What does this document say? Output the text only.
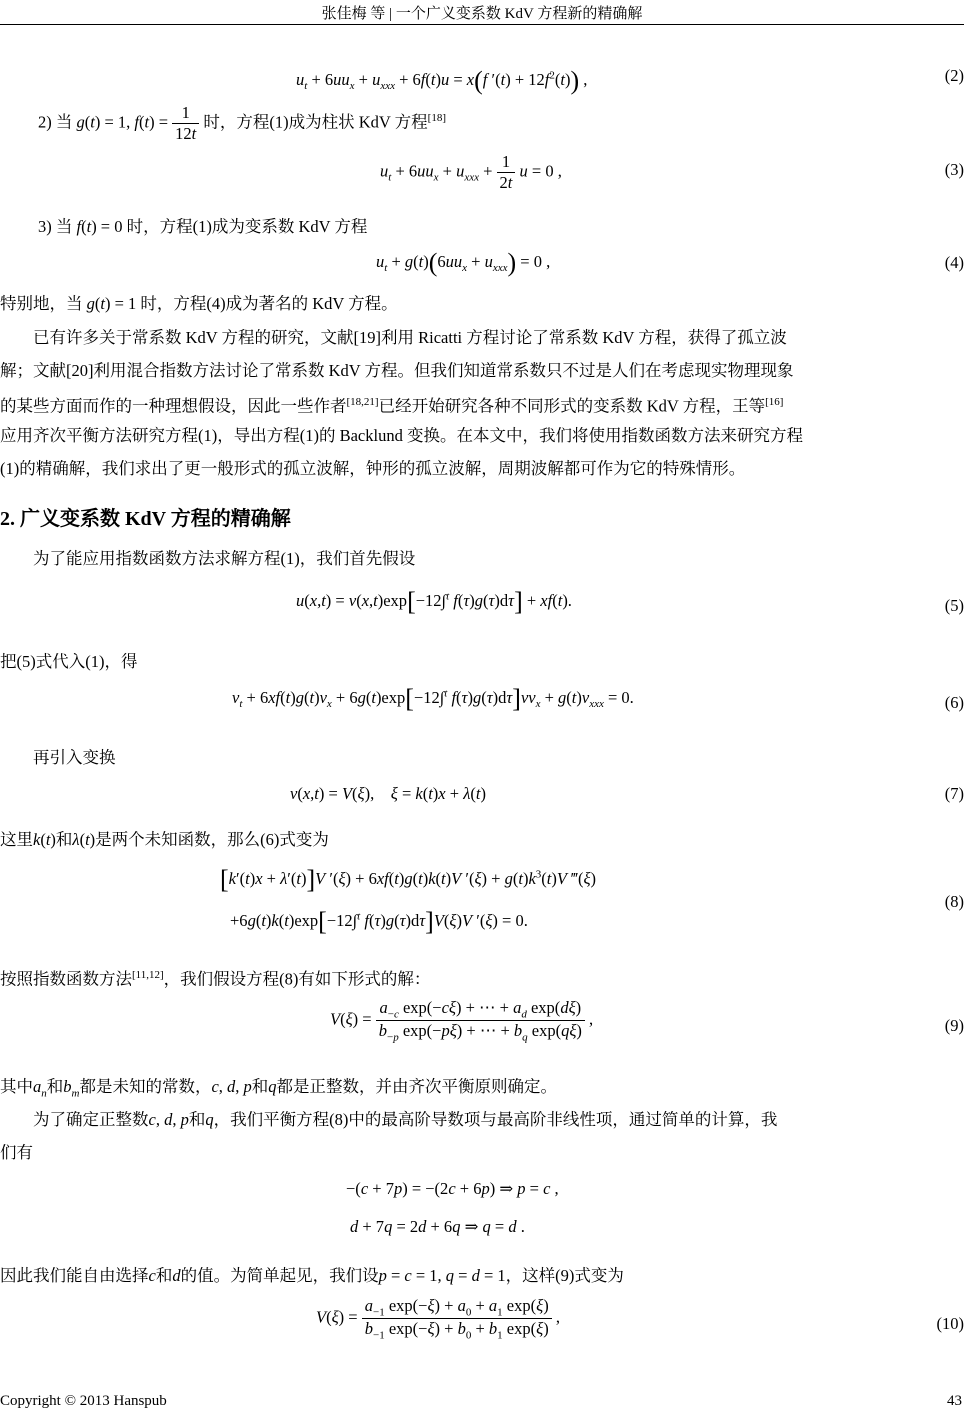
张佳梅 等 | 一个广义变系数 KdV 方程新的精确解
$u_t + 6uu_x + u_{xxx} + 6f(t)u = x(f$ $'(t) + 12f^2(t)$) ,	(2)
2) 当 g(t) = 1, $f(t) = \frac{1}{12t}$ 时，方程(1)成为柱状 KdV 方程[18]
$u_t + 6uu_x + u_{xxx} + \frac{1}{2t}$ u = 0 ,	(3)
3) 当 f(t) = 0 时，方程(1)成为变系数 KdV 方程
$u_t + g(t)(6uu_x + u_{xxx}) = 0$ ,	(4)
特别地，当 g(t) = 1 时，方程(4)成为著名的 KdV 方程。
已有许多关于常系数 KdV 方程的研究，文献[19]利用 Ricatti 方程讨论了常系数 KdV 方程，获得了孤立波
解；文献[20]利用混合指数方法讨论了常系数 KdV 方程。但我们知道常系数只不过是人们在考虑现实物理现象
的某些方面而作的一种理想假设，因此一些作者[18,21]已经开始研究各种不同形式的变系数 KdV 方程，王等[16]
应用齐次平衡方法研究方程(1)，导出方程(1)的 Backlund 变换。在本文中，我们将使用指数函数方法来研究方程
(1)的精确解，我们求出了更一般形式的孤立波解，钟形的孤立波解，周期波解都可作为它的特殊情形。
2. 广义变系数 KdV 方程的精确解
为了能应用指数函数方法求解方程(1)，我们首先假设
u(x,t) = v(x,t)exp[−12∫$^t$ f(τ)g(τ)dτ] + xf(t).	(5)
把(5)式代入(1)，得
$v_t + 6xf(t)g(t)v_x + 6g(t)\exp[-12\int^t$ $f(\tau)g(\tau)d\tau]vv_x + g(t)v_{xxx} = 0$.	(6)
再引入变换
v(x,t) = V(ξ),    ξ = k(t)x + λ(t)	(7)
这里k(t)和λ(t)是两个未知函数，那么(6)式变为
[k′(t)x + λ′(t)]V ′(ξ) + 6xf(t)g(t)k(t)V $'(\xi) + g(t)k^3(t)V$ ‴(ξ)
+6g(t)k(t)exp[−12∫$^t$ f(τ)g(τ)dτ]V(ξ)V ′(ξ) = 0.
(8)
按照指数函数方法[11,12]，我们假设方程(8)有如下形式的解：
$V(\xi) = \frac{a_{-c} \exp(-c\xi) + \cdots + a_d \exp(d\xi)}{b_{-p} \exp(-p\xi) + \cdots + b_q \exp(q\xi)}$ ,	(9)
其中$a_n$和$b_m$都是未知的常数，c, d, p和q都是正整数，并由齐次平衡原则确定。
为了确定正整数c, d, p和q，我们平衡方程(8)中的最高阶导数项与最高阶非线性项，通过简单的计算，我
们有
−(c + 7p) = −(2c + 6p) ⇒ p = c ,
d + 7q = 2d + 6q ⇒ q = d .
因此我们能自由选择c和d的值。为简单起见，我们设p = c = 1, q = d = 1，这样(9)式变为
$V(\xi) = \frac{a_{-1} \exp(-\xi) + a_0 + a_1 \exp(\xi)}{b_{-1} \exp(-\xi) + b_0 + b_1 \exp(\xi)}$ ,	(10)
Copyright © 2013 Hanspub	43
